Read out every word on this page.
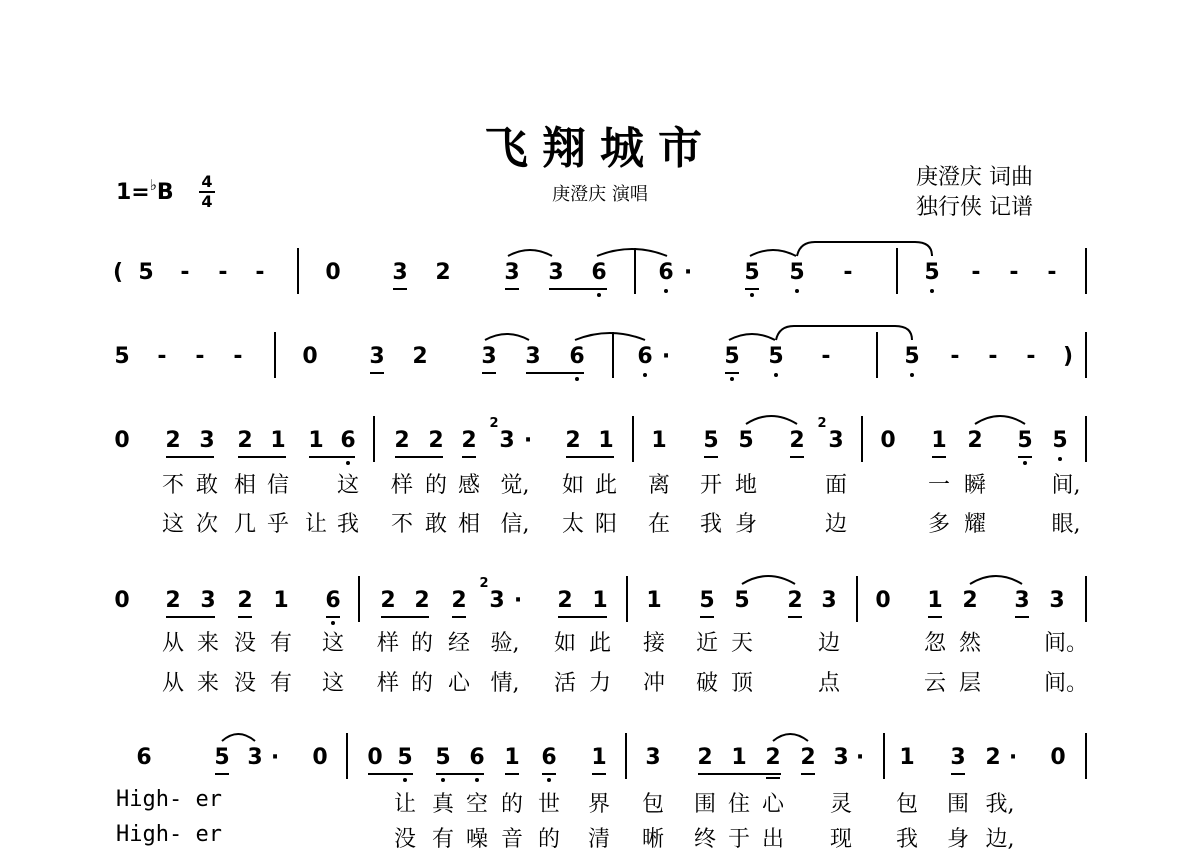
飞翔城市
庚澄庆 演唱
庚澄庆 词曲
独行侠 记谱
1=♭B 4
4
( 5 - - -	0 3 2 3 3 6 6 · 5 5 -	5 - - -
5 - - -	0 3 2 3 3 6 6 · 5 5 -	5 - - - )
0 2 3 2 1 1 6 2 2 2
2
3 · 2 1 1 5 5 2
2
3 0 1 2 5 5
不 敢 相 信 这 样 的 感 觉, 如 此 离 开 地	面	一 瞬	间,
这 次 几 乎 让 我 不 敢 相 信, 太 阳 在 我 身	边	多 耀	眼,
0 2 3 2 1 6 2 2 2
2
3 · 2 1 1 5 5 2 3 0 1 2 3 3
从 来 没 有 这 样 的 经 验, 如 此 接 近 天	边	忽 然	间。
从 来 没 有 这 样 的 心 情, 活 力 冲 破 顶	点	云 层	间。
6	5 3 · 0 0 5 5 6 1 6 1 3 2 1 2 2 3 · 1 3 2 · 0
High- er	让 真 空 的 世 界 包 围 住 心 灵 包 围 我,
High- er	没 有 噪 音 的 清 晰 终 于 出 现 我 身 边,
